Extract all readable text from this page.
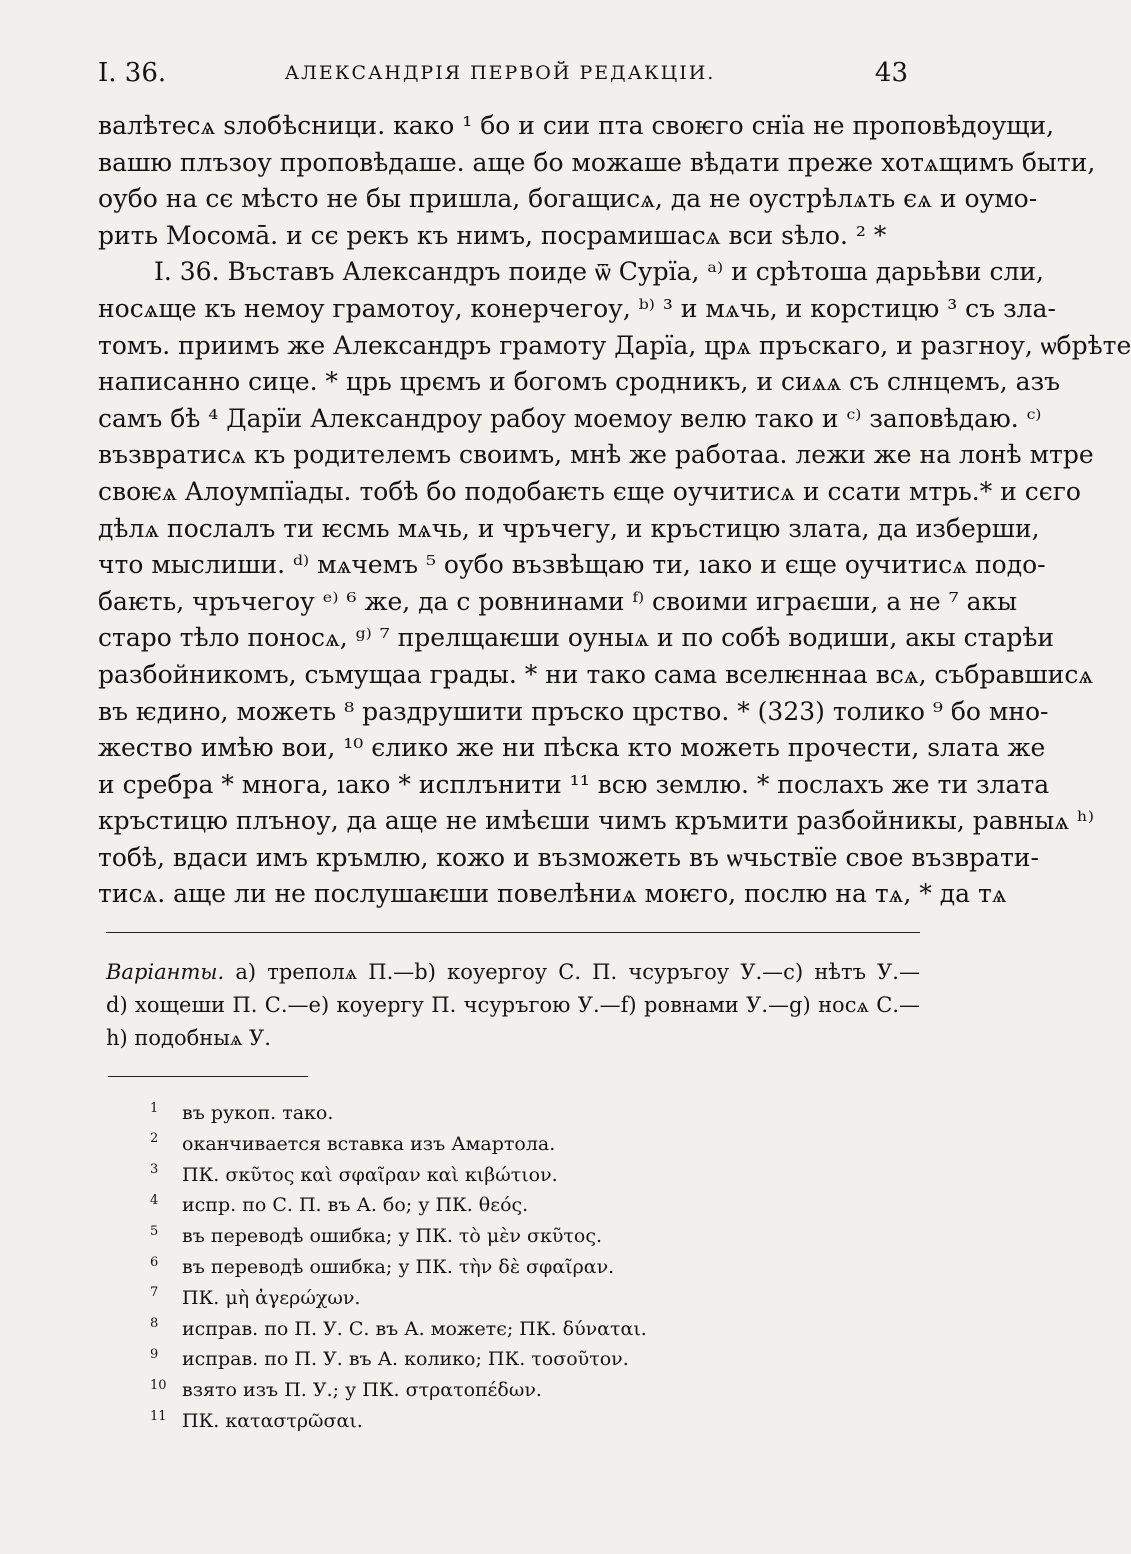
I. 36.	АЛЕКСАНДРІЯ ПЕРВОЙ РЕДАКЦІИ.	43
валѣтесѧ ѕлобѣсници. како ¹ бо и сии пта своѥго снїа не проповѣдоущи,
вашю плъзоу проповѣдаше. аще бо можаше вѣдати преже хотѧщимъ быти,
оубо на сє мѣсто не бы пришла, богащисѧ, да не оустрѣлѧть єѧ и оумо-
рить Мосомā. и сє рекъ къ нимъ, посрамишасѧ вси ѕѣло. ² *
I. 36. Въставъ Александръ поиде ѿ Сурїа, ᵃ⁾ и срѣтоша дарьѣви сли,
носѧще къ немоу грамотоу, конерчегоу, ᵇ⁾ ³ и мѧчь, и корстицю ³ съ зла-
томъ. приимъ же Александръ грамоту Дарїа, црѧ пръскаго, и разгноу, ѡбрѣте
написанно сице. * црь црємъ и богомъ сродникъ, и сиѧѧ съ слнцемъ, азъ
самъ бѣ ⁴ Дарїи Александроу рабоу моемоу велю тако и ᶜ⁾ заповѣдаю. ᶜ⁾
възвратисѧ къ родителемъ своимъ, мнѣ же работаа. лежи же на лонѣ мтре
своѥѧ Алоумпїады. тобѣ бо подобаѥть єще оучитисѧ и ссати мтрь.* и сєго
дѣлѧ послалъ ти ѥсмь мѧчь, и чръчегу, и кръстицю злата, да изберши,
что мыслиши. ᵈ⁾ мѧчемъ ⁵ оубо възвѣщаю ти, ıако и єще оучитисѧ подо-
баѥть, чръчегоу ᵉ⁾ ⁶ же, да с ровнинами ᶠ⁾ своими играєши, а не ⁷ акы
старо тѣло поносѧ, ᵍ⁾ ⁷ прелщаѥши оуныѧ и по собѣ водиши, акы старѣи
разбойникомъ, съмущаа грады. * ни тако сама вселѥннаа всѧ, събравшисѧ
въ ѥдино, можеть ⁸ раздрушити пръско црство. * (323) толико ⁹ бо мно-
жество имѣю вои, ¹⁰ єлико же ни пѣска кто можеть прочести, ѕлата же
и сребра * многа, ıако * исплънити ¹¹ всю землю. * послахъ же ти злата
кръстицю плъноу, да аще не имѣєши чимъ кръмити разбойникы, равныѧ ʰ⁾
тобѣ, вдаси имъ кръмлю, кожо и възможеть въ ѡчьствїе свое възврати-
тисѧ. аще ли не послушаѥши повелѣниѧ моѥго, послю на тѧ, * да тѧ
Варіанты. а) треполѧ П.—b) коуергоу С. П. чсуръгоу У.—с) нѣтъ У.—
d) хощеши П. С.—e) коуергу П. чсуръгою У.—f) ровнами У.—g) носѧ С.—
h) подобныѧ У.
1 въ рукоп. тако.
2 оканчивается вставка изъ Амартола.
3 ПК. σκῦτος καὶ σφαῖραν καὶ κιβώτιον.
4 испр. по С. П. въ А. бо; у ПК. θεός.
5 въ переводѣ ошибка; у ПК. τὸ μὲν σκῦτος.
6 въ переводѣ ошибка; у ПК. τὴν δὲ σφαῖραν.
7 ПК. μὴ ἀγερώχων.
8 исправ. по П. У. С. въ А. можетє; ПК. δύναται.
9 исправ. по П. У. въ А. колико; ПК. τοσοῦτον.
10 взято изъ П. У.; у ПК. στρατοπέδων.
11 ПК. καταστρῶσαι.
